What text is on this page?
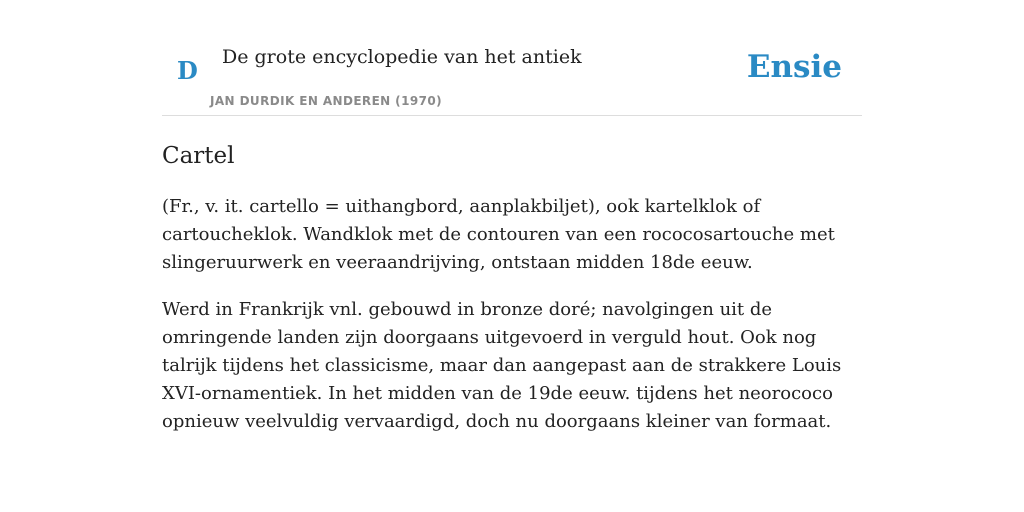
D De grote encyclopedie van het antiek
JAN DURDIK EN ANDEREN (1970)
Ensie
Cartel

(Fr., v. it. cartello = uithangbord, aanplakbiljet), ook kartelklok of cartoucheklok. Wandklok met de contouren van een rococosartouche met slingeruurwerk en veeraandrijving, ontstaan midden 18de eeuw.

Werd in Frankrijk vnl. gebouwd in bronze doré; navolgingen uit de omringende landen zijn doorgaans uitgevoerd in verguld hout. Ook nog talrijk tijdens het classicisme, maar dan aangepast aan de strakkere Louis XVI-ornamentiek. In het midden van de 19de eeuw. tijdens het neorococo opnieuw veelvuldig vervaardigd, doch nu doorgaans kleiner van formaat.
